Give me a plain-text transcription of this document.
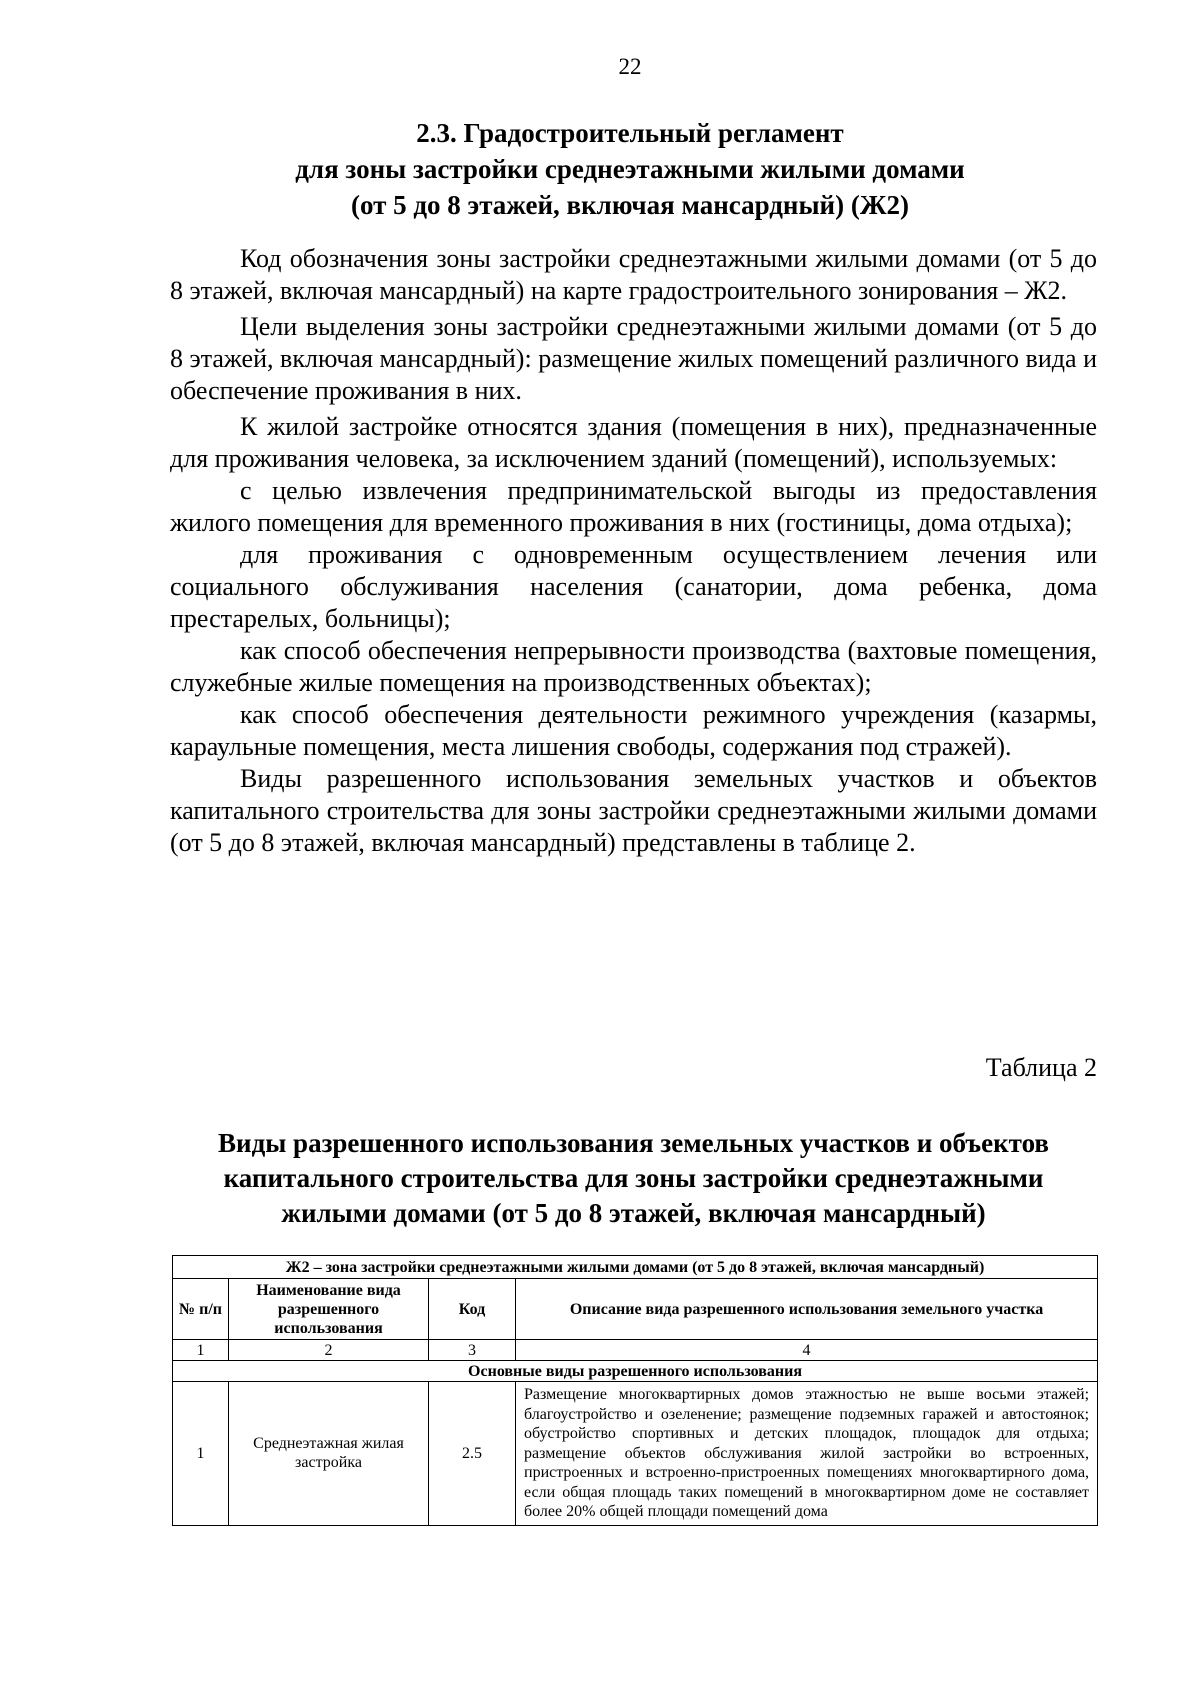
22
2.3. Градостроительный регламент
для зоны застройки среднеэтажными жилыми домами
(от 5 до 8 этажей, включая мансардный) (Ж2)

Код обозначения зоны застройки среднеэтажными жилыми домами (от 5 до 8 этажей, включая мансардный) на карте градостроительного зонирования – Ж2.

Цели выделения зоны застройки среднеэтажными жилыми домами (от 5 до 8 этажей, включая мансардный): размещение жилых помещений различного вида и обеспечение проживания в них.

К жилой застройке относятся здания (помещения в них), предназначенные для проживания человека, за исключением зданий (помещений), используемых:

с целью извлечения предпринимательской выгоды из предоставления жилого помещения для временного проживания в них (гостиницы, дома отдыха);

для проживания с одновременным осуществлением лечения или социального обслуживания населения (санатории, дома ребенка, дома престарелых, больницы);

как способ обеспечения непрерывности производства (вахтовые помещения, служебные жилые помещения на производственных объектах);

как способ обеспечения деятельности режимного учреждения (казармы, караульные помещения, места лишения свободы, содержания под стражей).

Виды разрешенного использования земельных участков и объектов капитального строительства для зоны застройки среднеэтажными жилыми домами (от 5 до 8 этажей, включая мансардный) представлены в таблице 2.

Таблица 2
Виды разрешенного использования земельных участков и объектов
капитального строительства для зоны застройки среднеэтажными
жилыми домами (от 5 до 8 этажей, включая мансардный)
Ж2 – зона застройки среднеэтажными жилыми домами (от 5 до 8 этажей, включая мансардный)			
№ п/п	Наименование вида разрешенного использования	Код	Описание вида разрешенного использования земельного участка
1	2	3	4
Основные виды разрешенного использования			
1	Среднеэтажная жилая застройка	2.5	Размещение многоквартирных домов этажностью не выше восьми этажей; благоустройство и озеленение; размещение подземных гаражей и автостоянок; обустройство спортивных и детских площадок, площадок для отдыха; размещение объектов обслуживания жилой застройки во встроенных, пристроенных и встроенно-пристроенных помещениях многоквартирного дома, если общая площадь таких помещений в многоквартирном доме не составляет более 20% общей площади помещений дома
